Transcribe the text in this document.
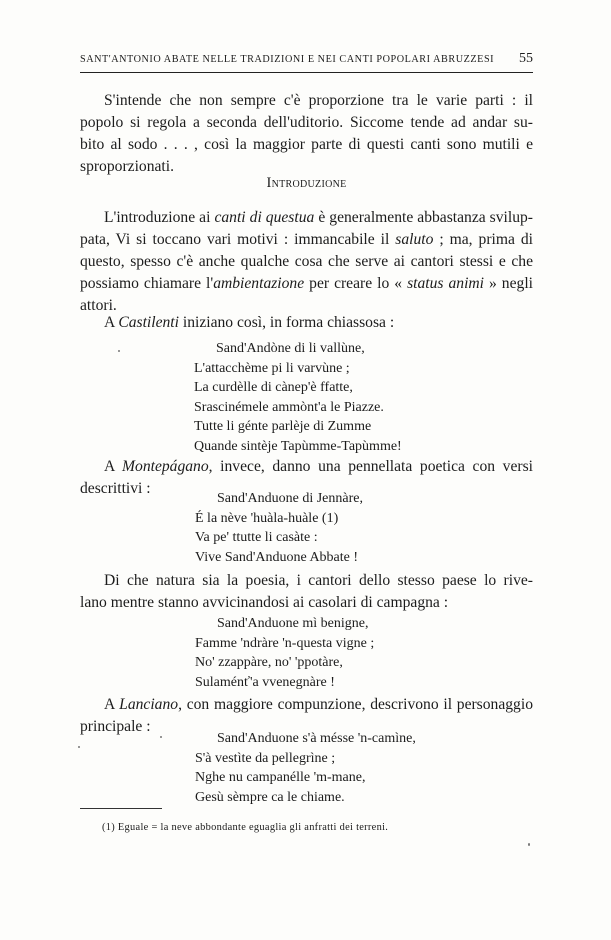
SANT'ANTONIO ABATE NELLE TRADIZIONI E NEI CANTI POPOLARI ABRUZZESI 55
S'intende che non sempre c'è proporzione tra le varie parti : il
popolo si regola a seconda dell'uditorio. Siccome tende ad andar su-
bito al sodo . . . , così la maggior parte di questi canti sono mutili e
sproporzionati.
Introduzione
L'introduzione ai canti di questua è generalmente abbastanza svilup-
pata, Vi si toccano vari motivi : immancabile il saluto ; ma, prima di
questo, spesso c'è anche qualche cosa che serve ai cantori stessi e che
possiamo chiamare l'ambientazione per creare lo « status animi » negli
attori.
A Castilenti iniziano così, in forma chiassosa :
Sand'Andòne di li vallùne,
L'attacchème pi li varvùne ;
La curdèlle di cànep'è ffatte,
Srascinémele ammònt'a le Piazze.
Tutte li génte parlèje di Zumme
Quande sintèje Tapùmme-Tapùmme!
A Montepágano, invece, danno una pennellata poetica con versi
descrittivi :
Sand'Anduone di Jennàre,
É la nève 'huàla-huàle (1)
Va pe' ttutte li casàte :
Vive Sand'Anduone Abbate !
Di che natura sia la poesia, i cantori dello stesso paese lo rive-
lano mentre stanno avvicinandosi ai casolari di campagna :
Sand'Anduone mì benigne,
Famme 'ndràre 'n-questa vigne ;
No' zzappàre, no' 'ppotàre,
Sulaménť'a vvenegnàre !
A Lanciano, con maggiore compunzione, descrivono il personaggio
principale :
Sand'Anduone s'à mésse 'n-camìne,
S'à vestìte da pellegrìne ;
Nghe nu campanélle 'm-mane,
Gesù sèmpre ca le chiame.
(1) Eguale = la neve abbondante eguaglia gli anfratti dei terreni.
